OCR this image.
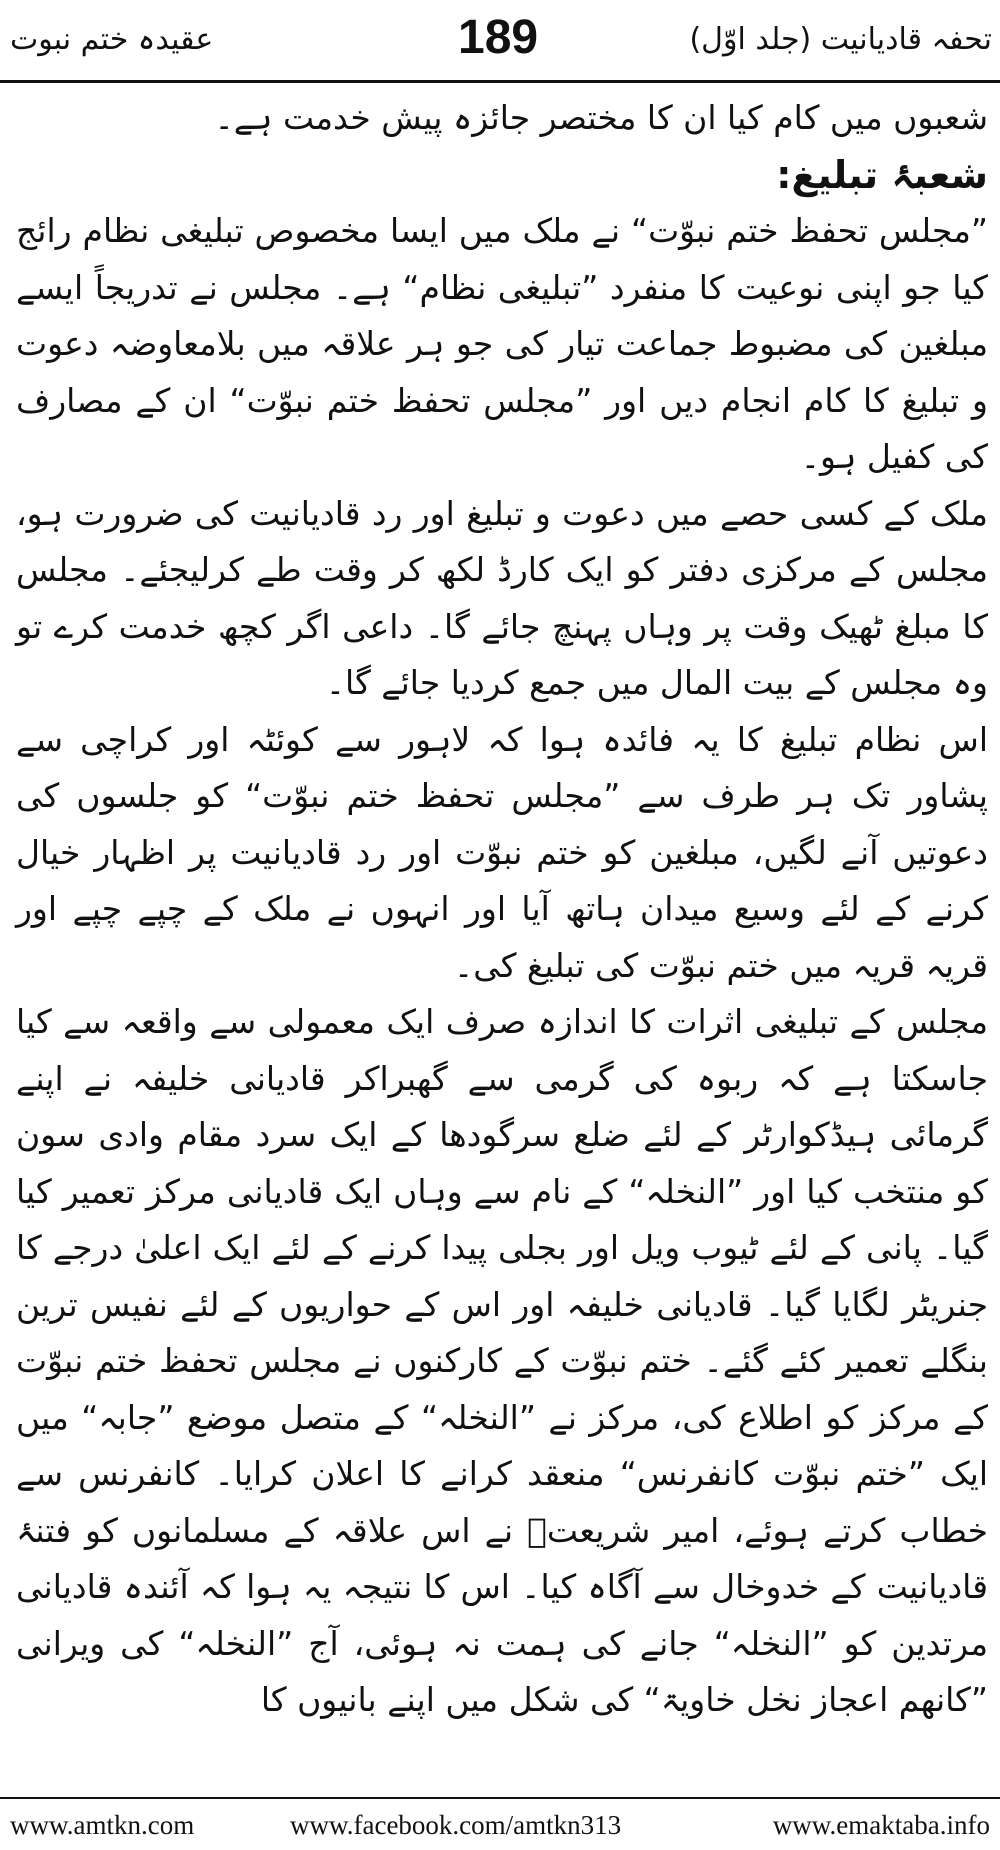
تحفہ قادیانیت (جلد اوّل)
189
عقیدہ ختم نبوت

شعبوں میں کام کیا ان کا مختصر جائزہ پیش خدمت ہے۔

شعبۂ تبلیغ:

”مجلس تحفظ ختم نبوّت“ نے ملک میں ایسا مخصوص تبلیغی نظام رائج کیا جو اپنی نوعیت کا منفرد ”تبلیغی نظام“ ہے۔ مجلس نے تدریجاً ایسے مبلغین کی مضبوط جماعت تیار کی جو ہر علاقہ میں بلامعاوضہ دعوت و تبلیغ کا کام انجام دیں اور ”مجلس تحفظ ختم نبوّت“ ان کے مصارف کی کفیل ہو۔

ملک کے کسی حصے میں دعوت و تبلیغ اور رد قادیانیت کی ضرورت ہو، مجلس کے مرکزی دفتر کو ایک کارڈ لکھ کر وقت طے کرلیجئے۔ مجلس کا مبلغ ٹھیک وقت پر وہاں پہنچ جائے گا۔ داعی اگر کچھ خدمت کرے تو وہ مجلس کے بیت المال میں جمع کردیا جائے گا۔

اس نظام تبلیغ کا یہ فائدہ ہوا کہ لاہور سے کوئٹہ اور کراچی سے پشاور تک ہر طرف سے ”مجلس تحفظ ختم نبوّت“ کو جلسوں کی دعوتیں آنے لگیں، مبلغین کو ختم نبوّت اور رد قادیانیت پر اظہار خیال کرنے کے لئے وسیع میدان ہاتھ آیا اور انہوں نے ملک کے چپے چپے اور قریہ قریہ میں ختم نبوّت کی تبلیغ کی۔

مجلس کے تبلیغی اثرات کا اندازہ صرف ایک معمولی سے واقعہ سے کیا جاسکتا ہے کہ ربوہ کی گرمی سے گھبراکر قادیانی خلیفہ نے اپنے گرمائی ہیڈکوارٹر کے لئے ضلع سرگودھا کے ایک سرد مقام وادی سون کو منتخب کیا اور ”النخلہ“ کے نام سے وہاں ایک قادیانی مرکز تعمیر کیا گیا۔ پانی کے لئے ٹیوب ویل اور بجلی پیدا کرنے کے لئے ایک اعلیٰ درجے کا جنریٹر لگایا گیا۔ قادیانی خلیفہ اور اس کے حواریوں کے لئے نفیس ترین بنگلے تعمیر کئے گئے۔ ختم نبوّت کے کارکنوں نے مجلس تحفظ ختم نبوّت کے مرکز کو اطلاع کی، مرکز نے ”النخلہ“ کے متصل موضع ”جابہ“ میں ایک ”ختم نبوّت کانفرنس“ منعقد کرانے کا اعلان کرایا۔ کانفرنس سے خطاب کرتے ہوئے، امیر شریعتؒ نے اس علاقہ کے مسلمانوں کو فتنۂ قادیانیت کے خدوخال سے آگاہ کیا۔ اس کا نتیجہ یہ ہوا کہ آئندہ قادیانی مرتدین کو ”النخلہ“ جانے کی ہمت نہ ہوئی، آج ”النخلہ“ کی ویرانی ”کانھم اعجاز نخل خاویۃ“ کی شکل میں اپنے بانیوں کا

www.amtkn.com	www.facebook.com/amtkn313	www.emaktaba.info
